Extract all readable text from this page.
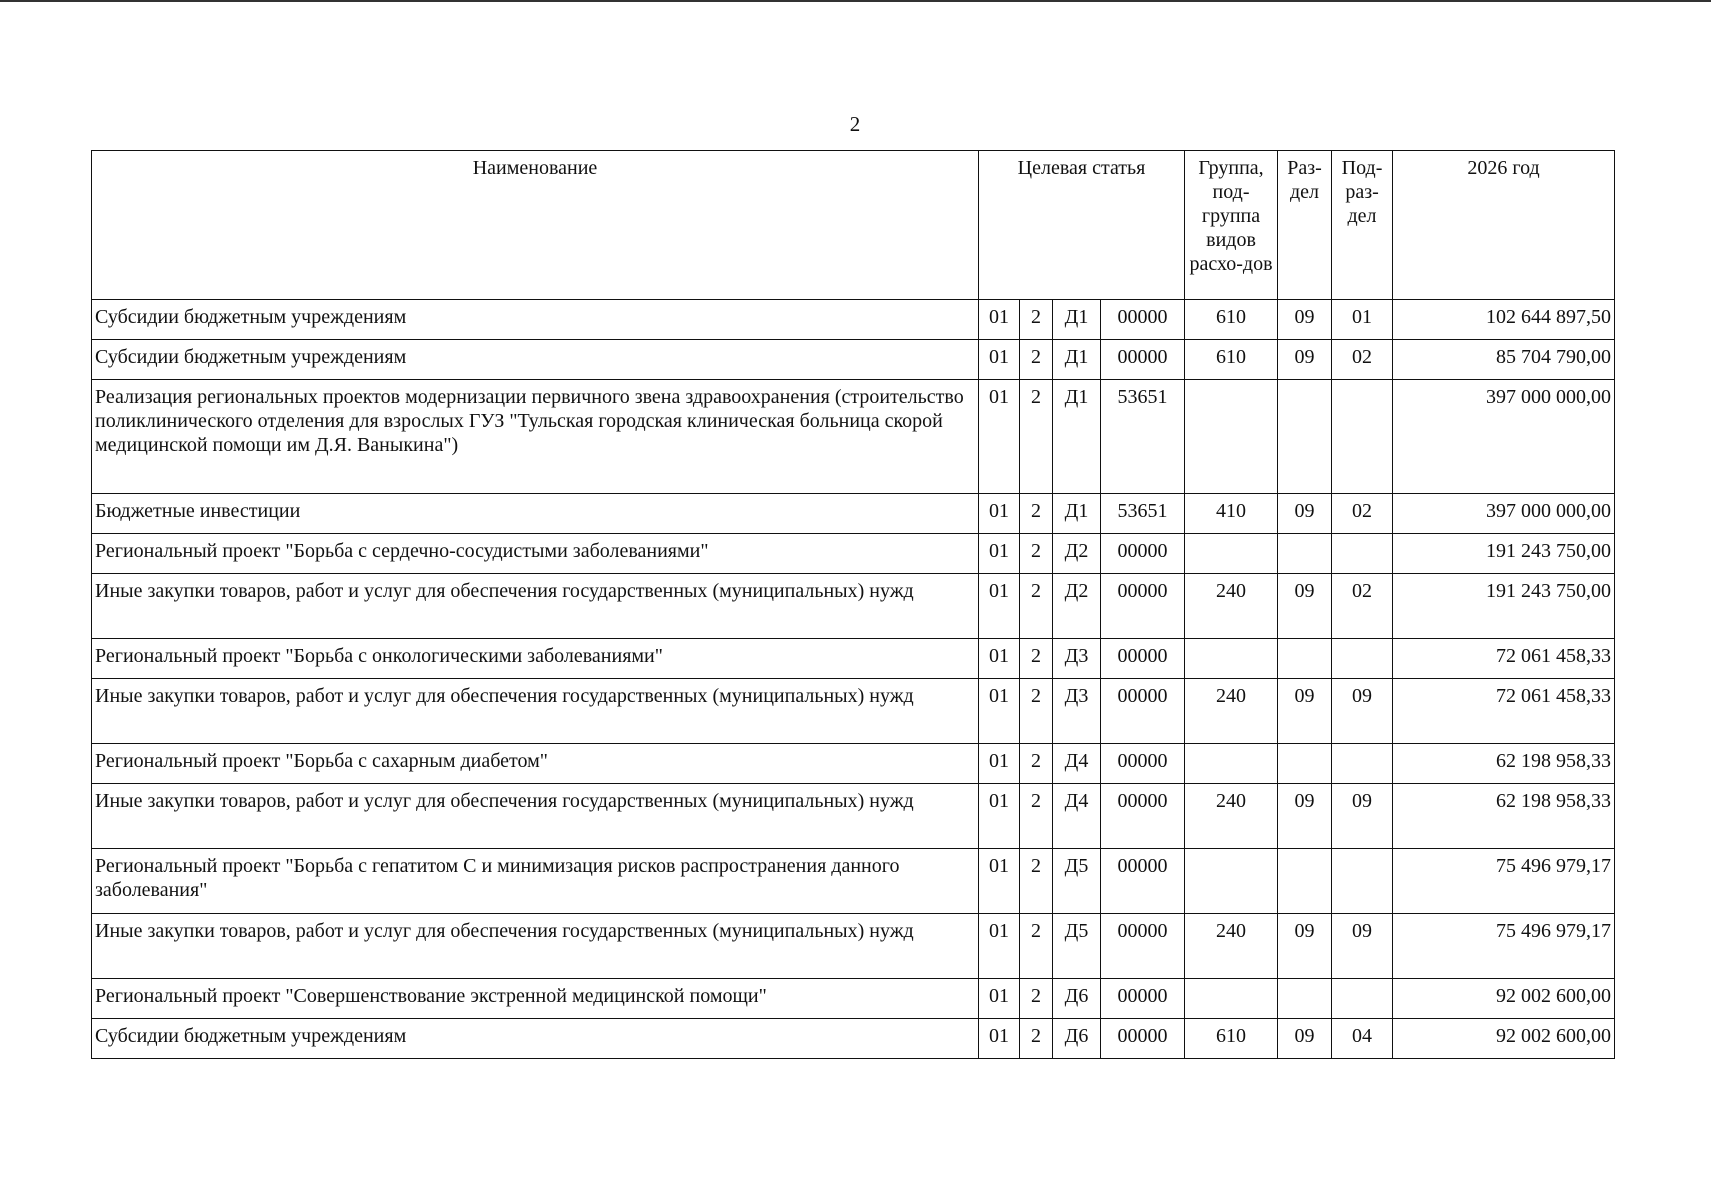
2
Наименование	Целевая статья				Группа, под-группа видов расхо-дов	Раз-дел	Под-раз-дел	2026 год
Субсидии бюджетным учреждениям	01	2	Д1	00000	610	09	01	102 644 897,50
Субсидии бюджетным учреждениям	01	2	Д1	00000	610	09	02	85 704 790,00
Реализация региональных проектов модернизации первичного звена здравоохранения (строительство поликлинического отделения для взрослых ГУЗ "Тульская городская клиническая больница скорой медицинской помощи им Д.Я. Ваныкина")	01	2	Д1	53651				397 000 000,00
Бюджетные инвестиции	01	2	Д1	53651	410	09	02	397 000 000,00
Региональный проект "Борьба с сердечно-сосудистыми заболеваниями"	01	2	Д2	00000				191 243 750,00
Иные закупки товаров, работ и услуг для обеспечения государственных (муниципальных) нужд	01	2	Д2	00000	240	09	02	191 243 750,00
Региональный проект "Борьба с онкологическими заболеваниями"	01	2	Д3	00000				72 061 458,33
Иные закупки товаров, работ и услуг для обеспечения государственных (муниципальных) нужд	01	2	Д3	00000	240	09	09	72 061 458,33
Региональный проект "Борьба с сахарным диабетом"	01	2	Д4	00000				62 198 958,33
Иные закупки товаров, работ и услуг для обеспечения государственных (муниципальных) нужд	01	2	Д4	00000	240	09	09	62 198 958,33
Региональный проект "Борьба с гепатитом С и минимизация рисков распространения данного заболевания"	01	2	Д5	00000				75 496 979,17
Иные закупки товаров, работ и услуг для обеспечения государственных (муниципальных) нужд	01	2	Д5	00000	240	09	09	75 496 979,17
Региональный проект "Совершенствование экстренной медицинской помощи"	01	2	Д6	00000				92 002 600,00
Субсидии бюджетным учреждениям	01	2	Д6	00000	610	09	04	92 002 600,00
